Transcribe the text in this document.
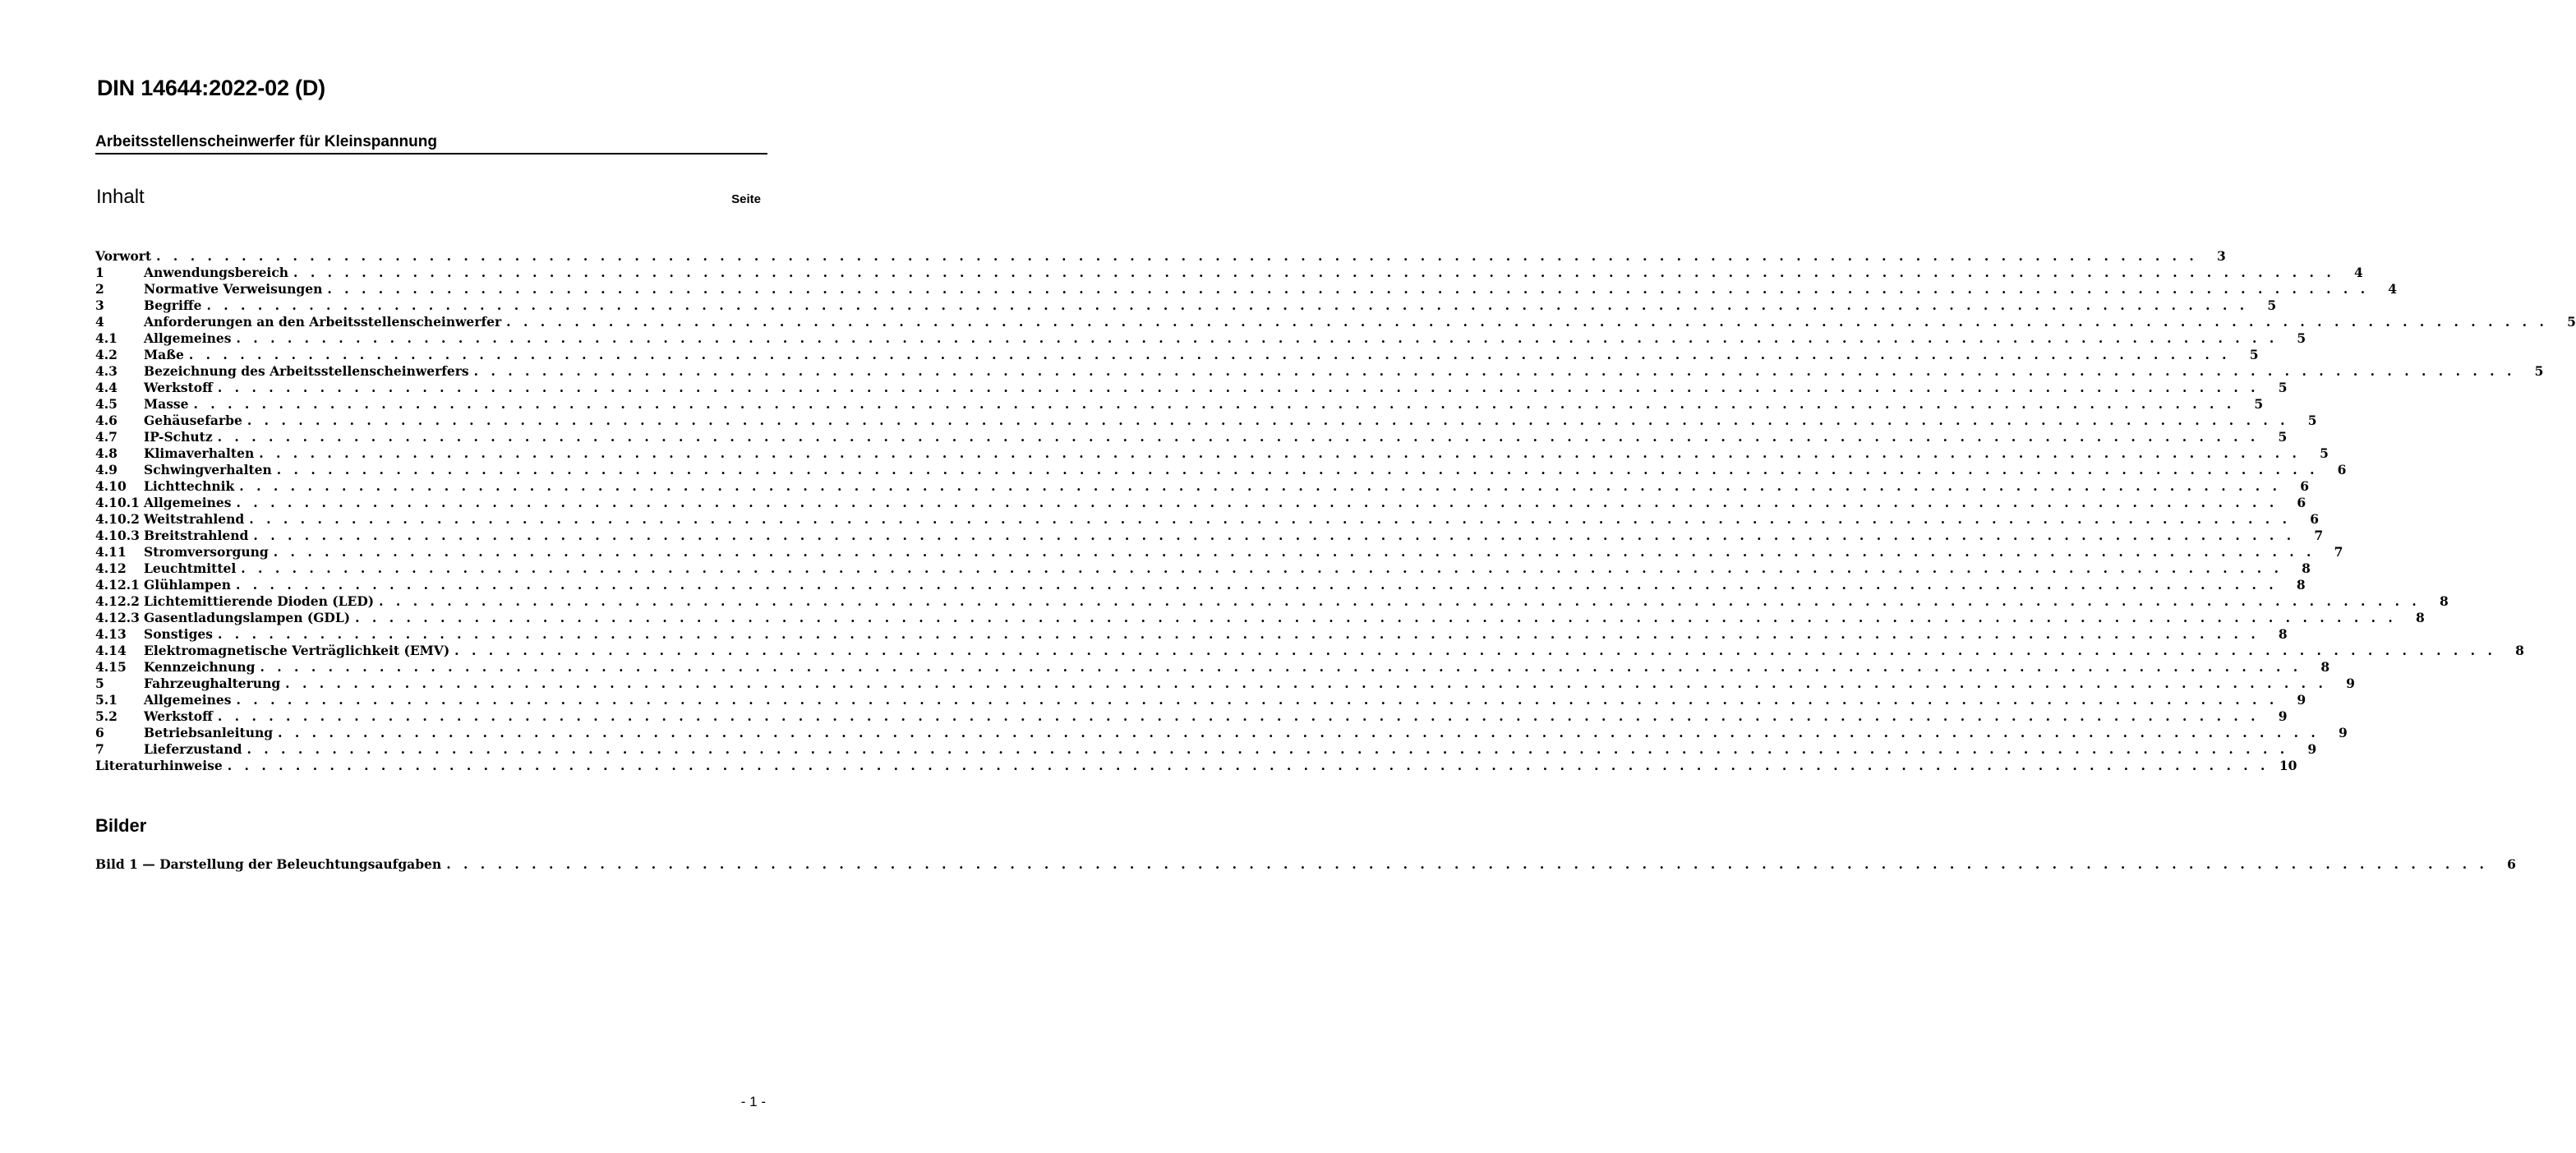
DIN 14644:2022-02 (D)
Arbeitsstellenscheinwerfer für Kleinspannung
Inhalt	Seite
Vorwort . . . . . . . . . . . . . . . . . . . . . . . . . . . . . . . . . . . . . . . . . . . . . . . . . . . . . . . . . . . . . . . . . . . . . . . . . . . . . . . . . . . . . . . . . . . . . . . . . . . . . . . . . . . . . . . . . . . . . . . .	3
1	Anwendungsbereich . . . . . . . . . . . . . . . . . . . . . . . . . . . . . . . . . . . . . . . . . . . . . . . . . . . . . . . . . . . . . . . . . . . . . . . . . . . . . . . . . . . . . . . . . . . . . . . . . . . . . . . . . . . . . . . . . . . . . . . .	4
2	Normative Verweisungen . . . . . . . . . . . . . . . . . . . . . . . . . . . . . . . . . . . . . . . . . . . . . . . . . . . . . . . . . . . . . . . . . . . . . . . . . . . . . . . . . . . . . . . . . . . . . . . . . . . . . . . . . . . . . . . . . . . . . . . .	4
3	Begriffe . . . . . . . . . . . . . . . . . . . . . . . . . . . . . . . . . . . . . . . . . . . . . . . . . . . . . . . . . . . . . . . . . . . . . . . . . . . . . . . . . . . . . . . . . . . . . . . . . . . . . . . . . . . . . . . . . . . . . . . .	5
4	Anforderungen an den Arbeitsstellenscheinwerfer . . . . . . . . . . . . . . . . . . . . . . . . . . . . . . . . . . . . . . . . . . . . . . . . . . . . . . . . . . . . . . . . . . . . . . . . . . . . . . . . . . . . . . . . . . . . . . . . . . . . . . . . . . . . . . . . . . . . . . . .	5
4.1	Allgemeines . . . . . . . . . . . . . . . . . . . . . . . . . . . . . . . . . . . . . . . . . . . . . . . . . . . . . . . . . . . . . . . . . . . . . . . . . . . . . . . . . . . . . . . . . . . . . . . . . . . . . . . . . . . . . . . . . . . . . . . .	5
4.2	Maße . . . . . . . . . . . . . . . . . . . . . . . . . . . . . . . . . . . . . . . . . . . . . . . . . . . . . . . . . . . . . . . . . . . . . . . . . . . . . . . . . . . . . . . . . . . . . . . . . . . . . . . . . . . . . . . . . . . . . . . .	5
4.3	Bezeichnung des Arbeitsstellenscheinwerfers . . . . . . . . . . . . . . . . . . . . . . . . . . . . . . . . . . . . . . . . . . . . . . . . . . . . . . . . . . . . . . . . . . . . . . . . . . . . . . . . . . . . . . . . . . . . . . . . . . . . . . . . . . . . . . . . . . . . . . . .	5
4.4	Werkstoff . . . . . . . . . . . . . . . . . . . . . . . . . . . . . . . . . . . . . . . . . . . . . . . . . . . . . . . . . . . . . . . . . . . . . . . . . . . . . . . . . . . . . . . . . . . . . . . . . . . . . . . . . . . . . . . . . . . . . . . .	5
4.5	Masse . . . . . . . . . . . . . . . . . . . . . . . . . . . . . . . . . . . . . . . . . . . . . . . . . . . . . . . . . . . . . . . . . . . . . . . . . . . . . . . . . . . . . . . . . . . . . . . . . . . . . . . . . . . . . . . . . . . . . . . .	5
4.6	Gehäusefarbe . . . . . . . . . . . . . . . . . . . . . . . . . . . . . . . . . . . . . . . . . . . . . . . . . . . . . . . . . . . . . . . . . . . . . . . . . . . . . . . . . . . . . . . . . . . . . . . . . . . . . . . . . . . . . . . . . . . . . . . .	5
4.7	IP-Schutz . . . . . . . . . . . . . . . . . . . . . . . . . . . . . . . . . . . . . . . . . . . . . . . . . . . . . . . . . . . . . . . . . . . . . . . . . . . . . . . . . . . . . . . . . . . . . . . . . . . . . . . . . . . . . . . . . . . . . . . .	5
4.8	Klimaverhalten . . . . . . . . . . . . . . . . . . . . . . . . . . . . . . . . . . . . . . . . . . . . . . . . . . . . . . . . . . . . . . . . . . . . . . . . . . . . . . . . . . . . . . . . . . . . . . . . . . . . . . . . . . . . . . . . . . . . . . . .	5
4.9	Schwingverhalten . . . . . . . . . . . . . . . . . . . . . . . . . . . . . . . . . . . . . . . . . . . . . . . . . . . . . . . . . . . . . . . . . . . . . . . . . . . . . . . . . . . . . . . . . . . . . . . . . . . . . . . . . . . . . . . . . . . . . . . .	6
4.10	Lichttechnik . . . . . . . . . . . . . . . . . . . . . . . . . . . . . . . . . . . . . . . . . . . . . . . . . . . . . . . . . . . . . . . . . . . . . . . . . . . . . . . . . . . . . . . . . . . . . . . . . . . . . . . . . . . . . . . . . . . . . . . .	6
4.10.1 Allgemeines . . . . . . . . . . . . . . . . . . . . . . . . . . . . . . . . . . . . . . . . . . . . . . . . . . . . . . . . . . . . . . . . . . . . . . . . . . . . . . . . . . . . . . . . . . . . . . . . . . . . . . . . . . . . . . . . . . . . . . . .	6
4.10.2 Weitstrahlend . . . . . . . . . . . . . . . . . . . . . . . . . . . . . . . . . . . . . . . . . . . . . . . . . . . . . . . . . . . . . . . . . . . . . . . . . . . . . . . . . . . . . . . . . . . . . . . . . . . . . . . . . . . . . . . . . . . . . . . .	6
4.10.3 Breitstrahlend . . . . . . . . . . . . . . . . . . . . . . . . . . . . . . . . . . . . . . . . . . . . . . . . . . . . . . . . . . . . . . . . . . . . . . . . . . . . . . . . . . . . . . . . . . . . . . . . . . . . . . . . . . . . . . . . . . . . . . . .	7
4.11	Stromversorgung . . . . . . . . . . . . . . . . . . . . . . . . . . . . . . . . . . . . . . . . . . . . . . . . . . . . . . . . . . . . . . . . . . . . . . . . . . . . . . . . . . . . . . . . . . . . . . . . . . . . . . . . . . . . . . . . . . . . . . . .	7
4.12	Leuchtmittel . . . . . . . . . . . . . . . . . . . . . . . . . . . . . . . . . . . . . . . . . . . . . . . . . . . . . . . . . . . . . . . . . . . . . . . . . . . . . . . . . . . . . . . . . . . . . . . . . . . . . . . . . . . . . . . . . . . . . . . .	8
4.12.1 Glühlampen . . . . . . . . . . . . . . . . . . . . . . . . . . . . . . . . . . . . . . . . . . . . . . . . . . . . . . . . . . . . . . . . . . . . . . . . . . . . . . . . . . . . . . . . . . . . . . . . . . . . . . . . . . . . . . . . . . . . . . . .	8
4.12.2 Lichtemittierende Dioden (LED) . . . . . . . . . . . . . . . . . . . . . . . . . . . . . . . . . . . . . . . . . . . . . . . . . . . . . . . . . . . . . . . . . . . . . . . . . . . . . . . . . . . . . . . . . . . . . . . . . . . . . . . . . . . . . . . . . . . . . . . .	8
4.12.3 Gasentladungslampen (GDL) . . . . . . . . . . . . . . . . . . . . . . . . . . . . . . . . . . . . . . . . . . . . . . . . . . . . . . . . . . . . . . . . . . . . . . . . . . . . . . . . . . . . . . . . . . . . . . . . . . . . . . . . . . . . . . . . . . . . . . . .	8
4.13	Sonstiges . . . . . . . . . . . . . . . . . . . . . . . . . . . . . . . . . . . . . . . . . . . . . . . . . . . . . . . . . . . . . . . . . . . . . . . . . . . . . . . . . . . . . . . . . . . . . . . . . . . . . . . . . . . . . . . . . . . . . . . .	8
4.14	Elektromagnetische Verträglichkeit (EMV) . . . . . . . . . . . . . . . . . . . . . . . . . . . . . . . . . . . . . . . . . . . . . . . . . . . . . . . . . . . . . . . . . . . . . . . . . . . . . . . . . . . . . . . . . . . . . . . . . . . . . . . . . . . . . . . . . . . . . . . .	8
4.15	Kennzeichnung . . . . . . . . . . . . . . . . . . . . . . . . . . . . . . . . . . . . . . . . . . . . . . . . . . . . . . . . . . . . . . . . . . . . . . . . . . . . . . . . . . . . . . . . . . . . . . . . . . . . . . . . . . . . . . . . . . . . . . . .	8
5	Fahrzeughalterung . . . . . . . . . . . . . . . . . . . . . . . . . . . . . . . . . . . . . . . . . . . . . . . . . . . . . . . . . . . . . . . . . . . . . . . . . . . . . . . . . . . . . . . . . . . . . . . . . . . . . . . . . . . . . . . . . . . . . . . .	9
5.1	Allgemeines . . . . . . . . . . . . . . . . . . . . . . . . . . . . . . . . . . . . . . . . . . . . . . . . . . . . . . . . . . . . . . . . . . . . . . . . . . . . . . . . . . . . . . . . . . . . . . . . . . . . . . . . . . . . . . . . . . . . . . . .	9
5.2	Werkstoff . . . . . . . . . . . . . . . . . . . . . . . . . . . . . . . . . . . . . . . . . . . . . . . . . . . . . . . . . . . . . . . . . . . . . . . . . . . . . . . . . . . . . . . . . . . . . . . . . . . . . . . . . . . . . . . . . . . . . . . .	9
6	Betriebsanleitung . . . . . . . . . . . . . . . . . . . . . . . . . . . . . . . . . . . . . . . . . . . . . . . . . . . . . . . . . . . . . . . . . . . . . . . . . . . . . . . . . . . . . . . . . . . . . . . . . . . . . . . . . . . . . . . . . . . . . . . .	9
7	Lieferzustand . . . . . . . . . . . . . . . . . . . . . . . . . . . . . . . . . . . . . . . . . . . . . . . . . . . . . . . . . . . . . . . . . . . . . . . . . . . . . . . . . . . . . . . . . . . . . . . . . . . . . . . . . . . . . . . . . . . . . . . .	9
Literaturhinweise . . . . . . . . . . . . . . . . . . . . . . . . . . . . . . . . . . . . . . . . . . . . . . . . . . . . . . . . . . . . . . . . . . . . . . . . . . . . . . . . . . . . . . . . . . . . . . . . . . . . . . . . . . . . . . . . . . . . . . . . 10
Bilder
Bild 1 — Darstellung der Beleuchtungsaufgaben . . . . . . . . . . . . . . . . . . . . . . . . . . . . . . . . . . . . . . . . . . . . . . . . . . . . . . . . . . . . . . . . . . . . . . . . . . . . . . . . . . . . . . . . . . . . . . . . . . . . . . . . . . . . . . . . . . . . . . . .	6
- 1 -
